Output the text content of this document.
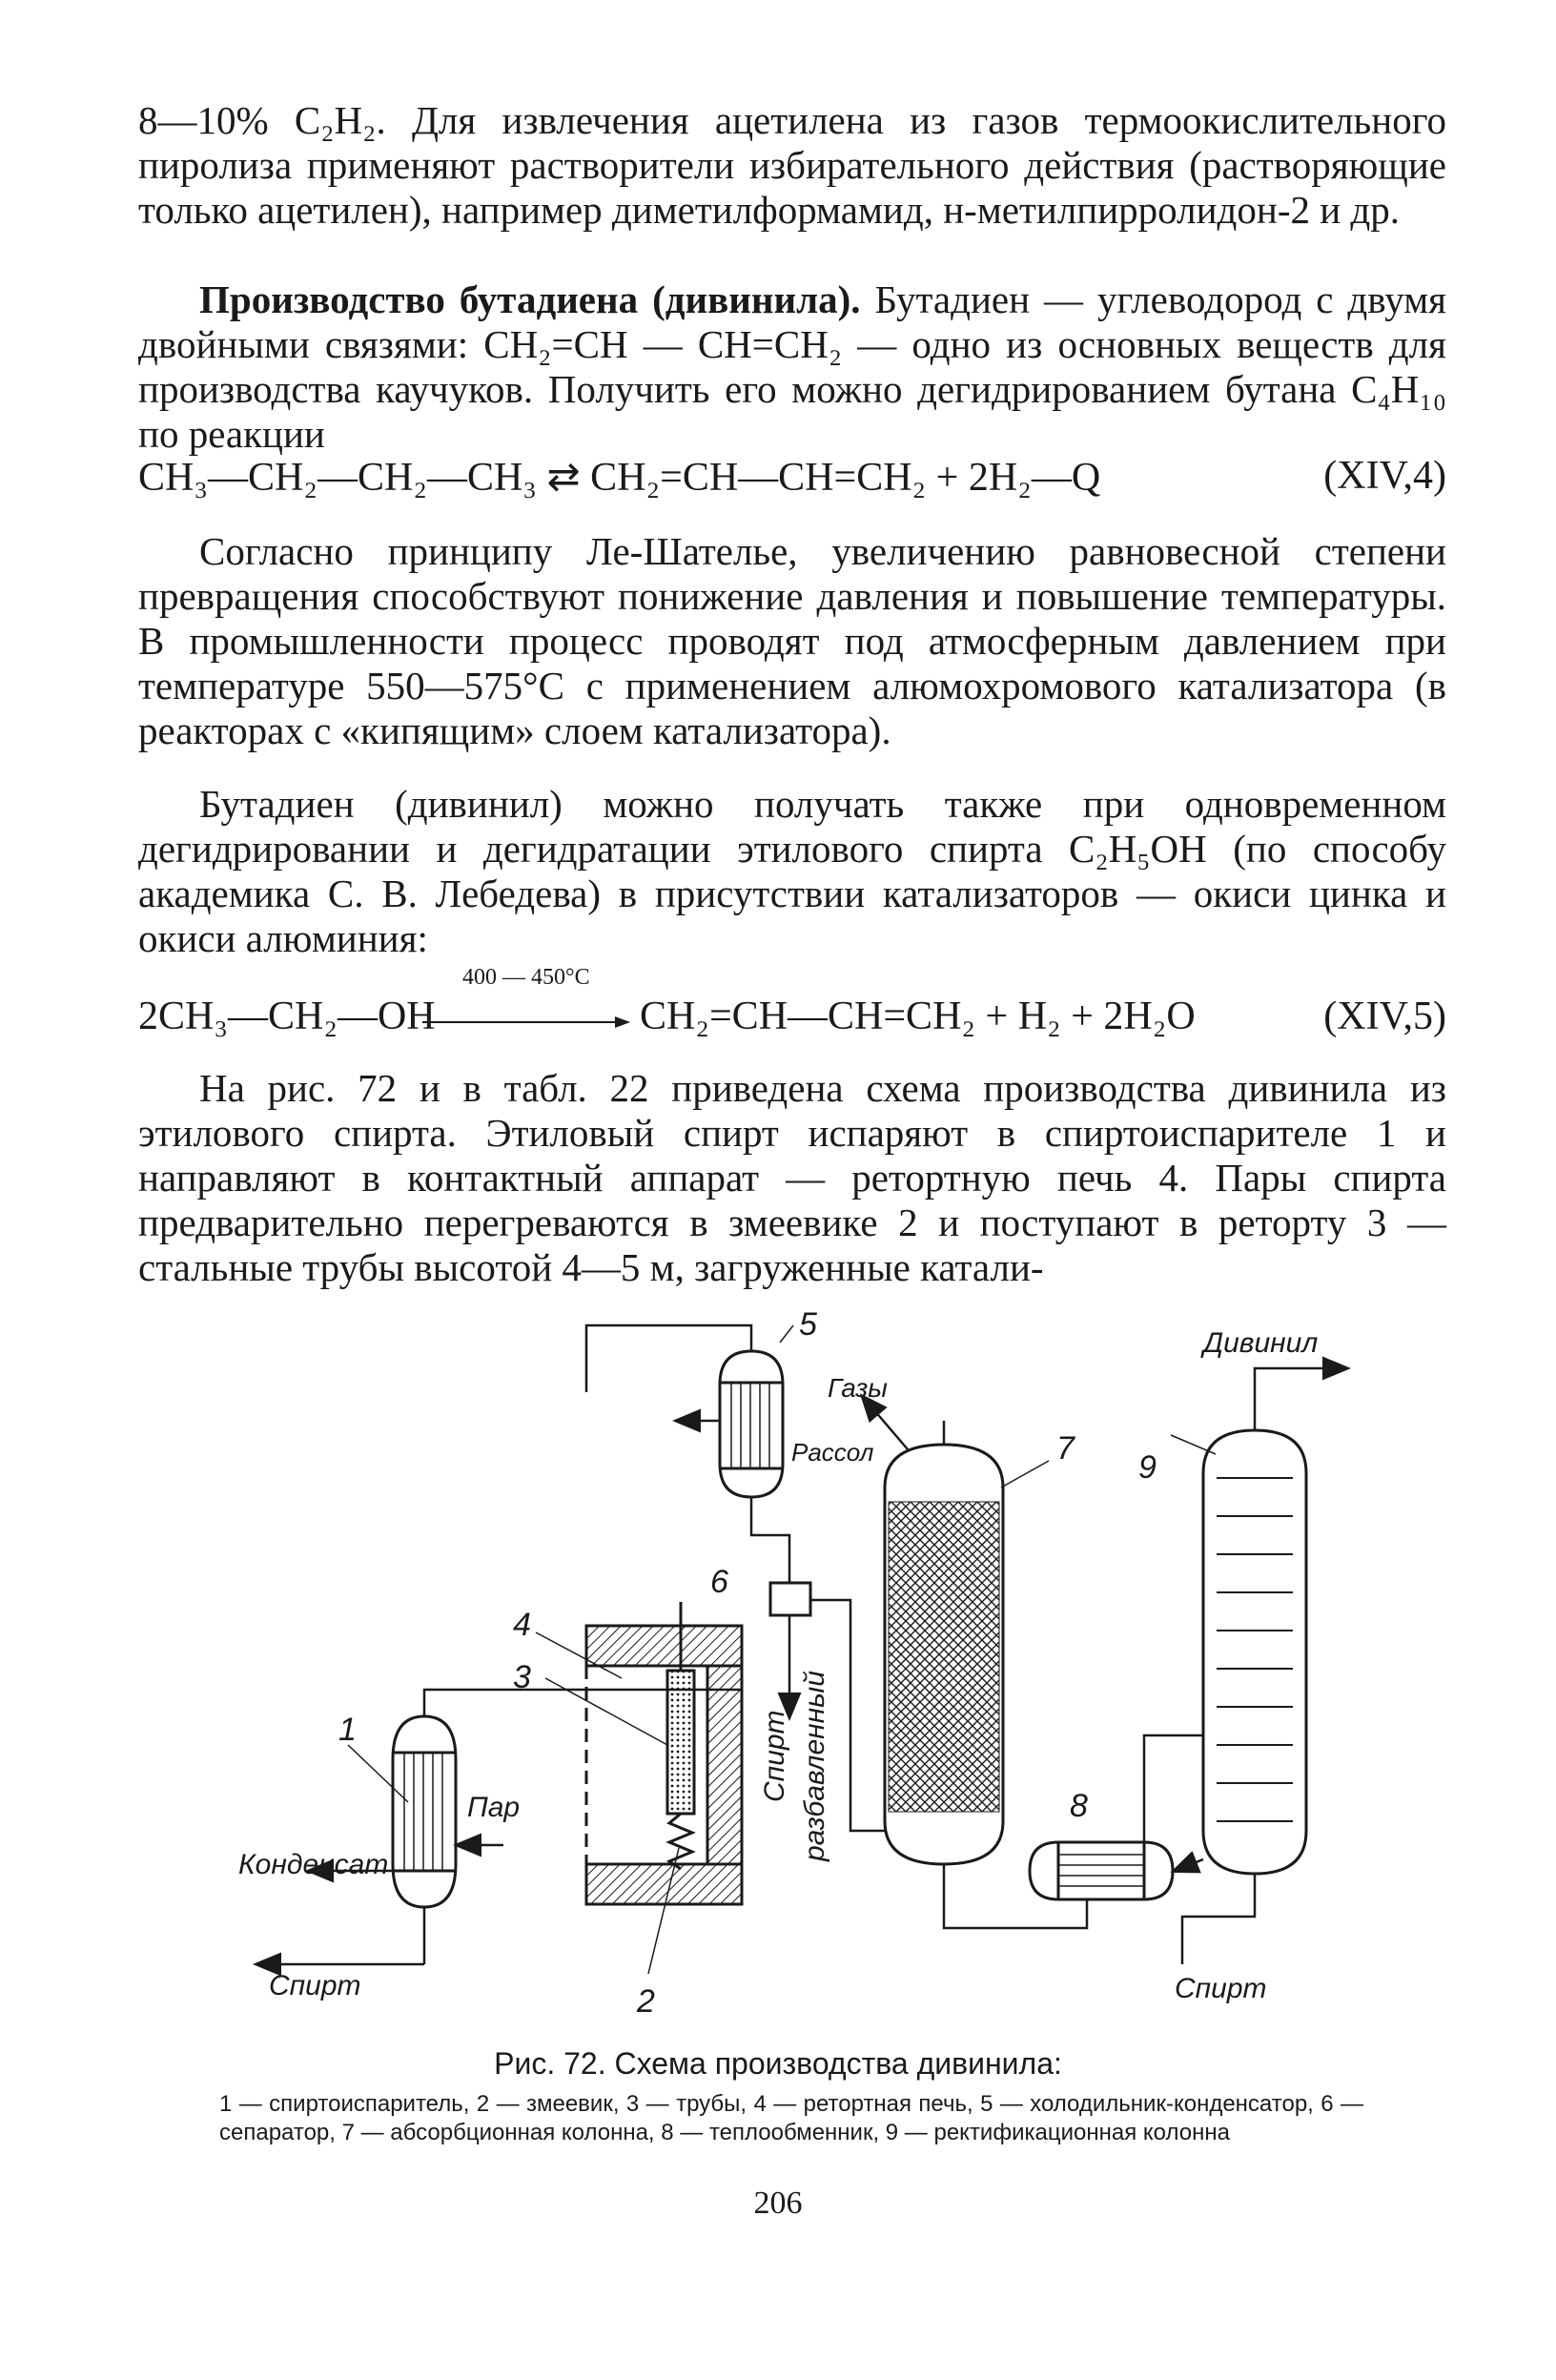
8—10% C₂H₂. Для извлечения ацетилена из газов термоокислительного пиролиза применяют растворители избирательного действия (растворяющие только ацетилен), например диметилформамид, н-метилпирролидон-2 и др.

Производство бутадиена (дивинила). Бутадиен — углеводород с двумя двойными связями: CH₂=CH — CH=CH₂ — одно из основных веществ для производства каучуков. Получить его можно дегидрированием бутана C₄H₁₀ по реакции

CH₃—CH₂—CH₂—CH₃ ⇄ CH₂=CH—CH=CH₂ + 2H₂—Q	(XIV,4)

Согласно принципу Ле-Шателье, увеличению равновесной степени превращения способствуют понижение давления и повышение температуры. В промышленности процесс проводят под атмосферным давлением при температуре 550—575°C с применением алюмохромового катализатора (в реакторах с «кипящим» слоем катализатора).

Бутадиен (дивинил) можно получать также при одновременном дегидрировании и дегидратации этилового спирта C₂H₅OH (по способу академика С. В. Лебедева) в присутствии катализаторов — окиси цинка и окиси алюминия:

400 — 450°C
2CH₃—CH₂—OH	CH₂=CH—CH=CH₂ + H₂ + 2H₂O	(XIV,5)

На рис. 72 и в табл. 22 приведена схема производства дивинила из этилового спирта. Этиловый спирт испаряют в спиртоиспарителе 1 и направляют в контактный аппарат — ретортную печь 4. Пары спирта предварительно перегреваются в змеевике 2 и поступают в реторту 3 — стальные трубы высотой 4—5 м, загруженные катали-

1
2
3
4
5
6
7
8
9
Газы
Рассол
Дивинил
Пар
Конденсат
Спирт	Спирт
Спирт разбавленный
Рис. 72. Схема производства дивинила:
1 — спиртоиспаритель, 2 — змеевик, 3 — трубы, 4 — ретортная печь, 5 — холодильник-конденсатор, 6 — сепаратор, 7 — абсорбционная колонна, 8 — теплообменник, 9 — ректификационная колонна
206
